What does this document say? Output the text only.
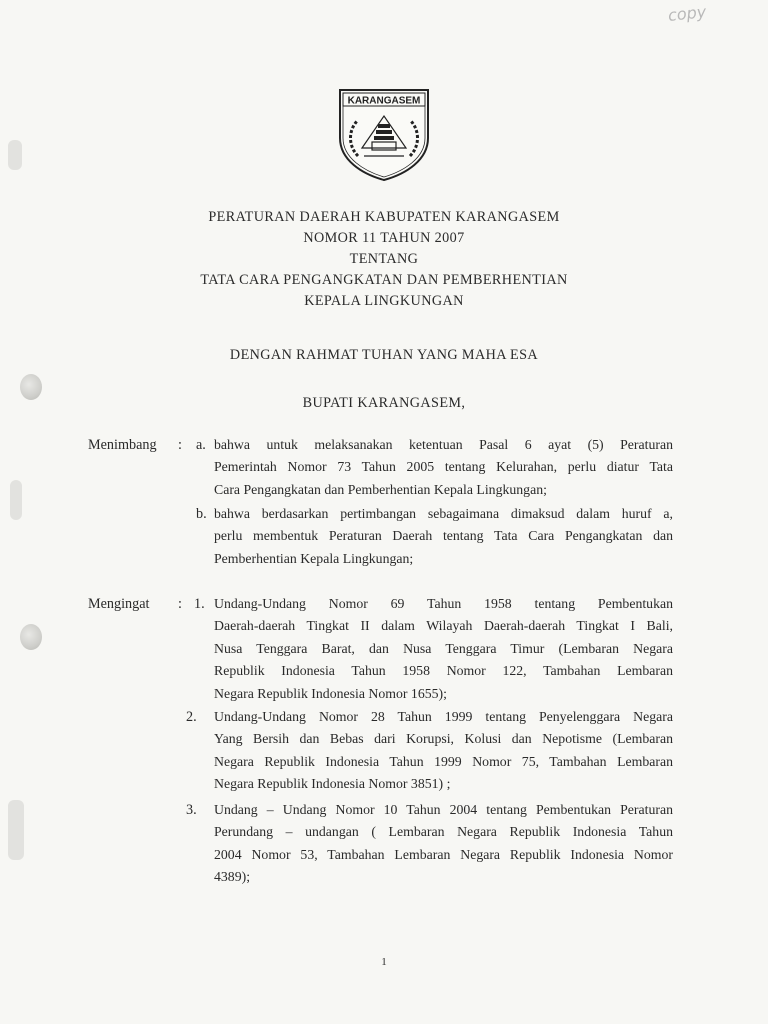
copy
KARANGASEM
PERATURAN DAERAH KABUPATEN KARANGASEM
NOMOR 11 TAHUN 2007
TENTANG
TATA CARA PENGANGKATAN DAN PEMBERHENTIAN
KEPALA LINGKUNGAN
DENGAN RAHMAT TUHAN YANG MAHA ESA
BUPATI KARANGASEM,
Menimbang : a. bahwa untuk melaksanakan ketentuan Pasal 6 ayat (5) Peraturan
Pemerintah Nomor 73 Tahun 2005 tentang Kelurahan, perlu diatur Tata
Cara Pengangkatan dan Pemberhentian Kepala Lingkungan;
b. bahwa berdasarkan pertimbangan sebagaimana dimaksud dalam huruf a,
perlu membentuk Peraturan Daerah tentang Tata Cara Pengangkatan dan
Pemberhentian Kepala Lingkungan;
Mengingat : 1. Undang-Undang Nomor 69 Tahun 1958 tentang Pembentukan
Daerah-daerah Tingkat II dalam Wilayah Daerah-daerah Tingkat I Bali,
Nusa Tenggara Barat, dan Nusa Tenggara Timur (Lembaran Negara
Republik Indonesia Tahun 1958 Nomor 122, Tambahan Lembaran
Negara Republik Indonesia Nomor 1655);
2. Undang-Undang Nomor 28 Tahun 1999 tentang Penyelenggara Negara
Yang Bersih dan Bebas dari Korupsi, Kolusi dan Nepotisme (Lembaran
Negara Republik Indonesia Tahun 1999 Nomor 75, Tambahan Lembaran
Negara Republik Indonesia Nomor 3851) ;
3. Undang – Undang Nomor 10 Tahun 2004 tentang Pembentukan Peraturan
Perundang – undangan ( Lembaran Negara Republik Indonesia Tahun
2004 Nomor 53, Tambahan Lembaran Negara Republik Indonesia Nomor
4389);
1
